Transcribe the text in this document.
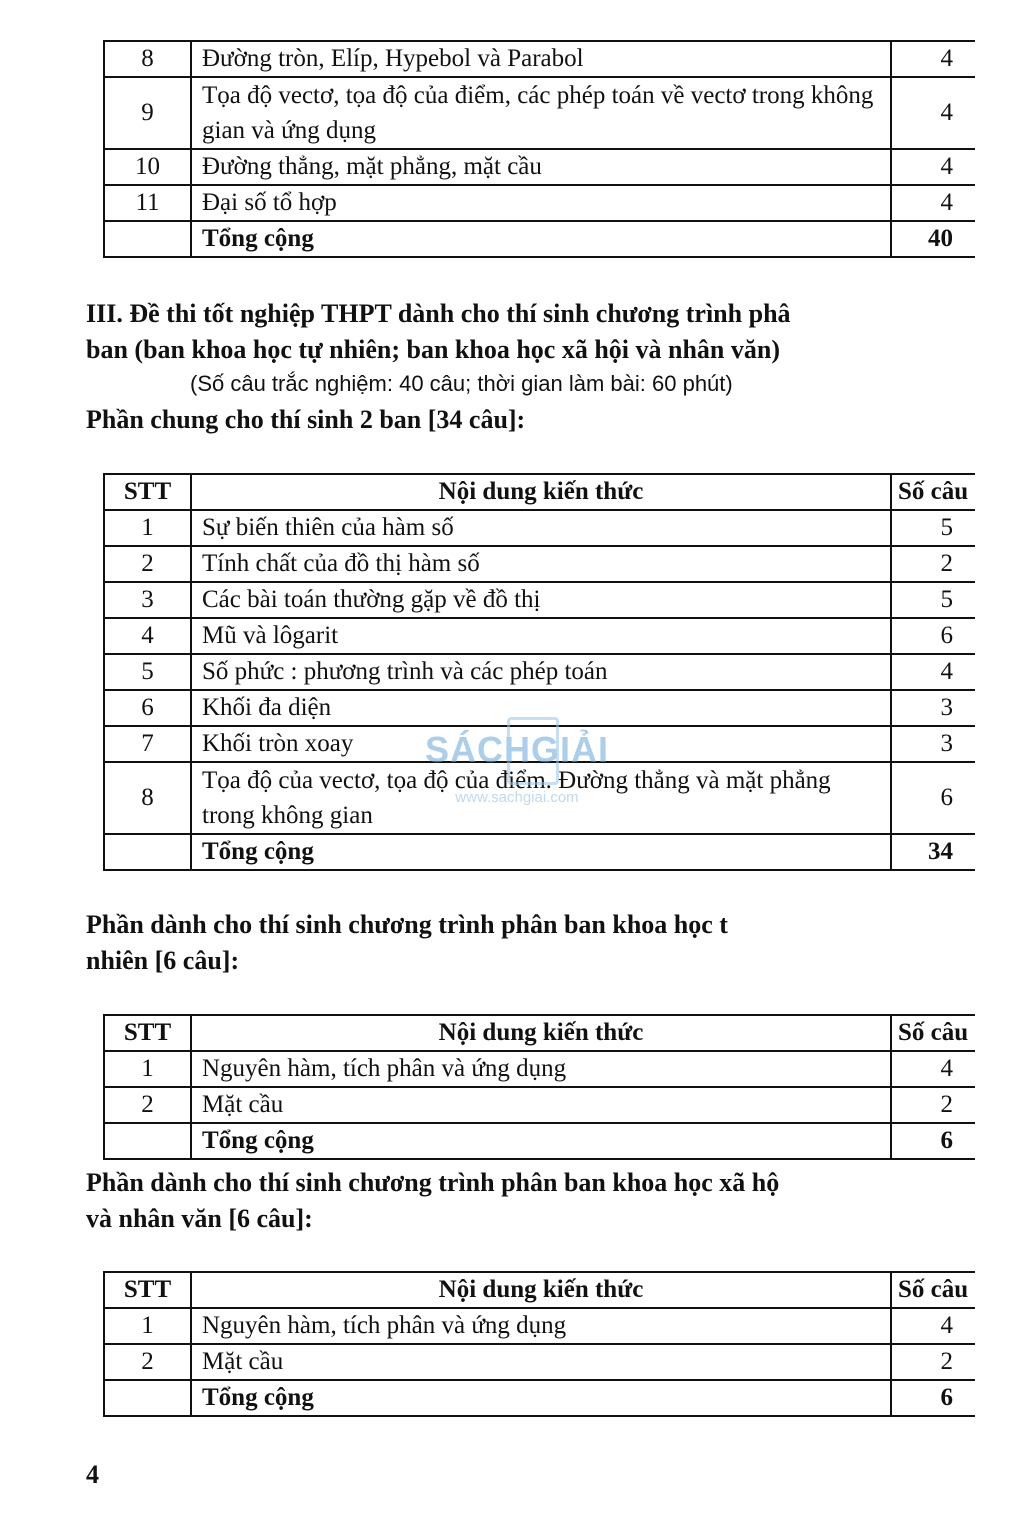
8	Đường tròn, Elíp, Hypebol và Parabol	4
9	Tọa độ vectơ, tọa độ của điểm, các phép toán về vectơ trong không gian và ứng dụng	4
10	Đường thẳng, mặt phẳng, mặt cầu	4
11	Đại số tổ hợp	4
	Tổng cộng	40

III. Đề thi tốt nghiệp THPT dành cho thí sinh chương trình phâ

ban (ban khoa học tự nhiên; ban khoa học xã hội và nhân văn)

(Số câu trắc nghiệm: 40 câu; thời gian làm bài: 60 phút)

Phần chung cho thí sinh 2 ban [34 câu]:

STT	Nội dung kiến thức	Số câu
1	Sự biến thiên của hàm số	5
2	Tính chất của đồ thị hàm số	2
3	Các bài toán thường gặp về đồ thị	5
4	Mũ và lôgarit	6
5	Số phức : phương trình và các phép toán	4
6	Khối đa diện	3
7	Khối tròn xoay	3
8	Tọa độ của vectơ, tọa độ của điểm. Đường thẳng và mặt phẳng trong không gian	6
	Tổng cộng	34
SÁCHGIẢI
www.sachgiai.com

Phần dành cho thí sinh chương trình phân ban khoa học t

nhiên [6 câu]:

STT	Nội dung kiến thức	Số câu
1	Nguyên hàm, tích phân và ứng dụng	4
2	Mặt cầu	2
	Tổng cộng	6

Phần dành cho thí sinh chương trình phân ban khoa học xã hộ

và nhân văn [6 câu]:

STT	Nội dung kiến thức	Số câu
1	Nguyên hàm, tích phân và ứng dụng	4
2	Mặt cầu	2
	Tổng cộng	6
4
